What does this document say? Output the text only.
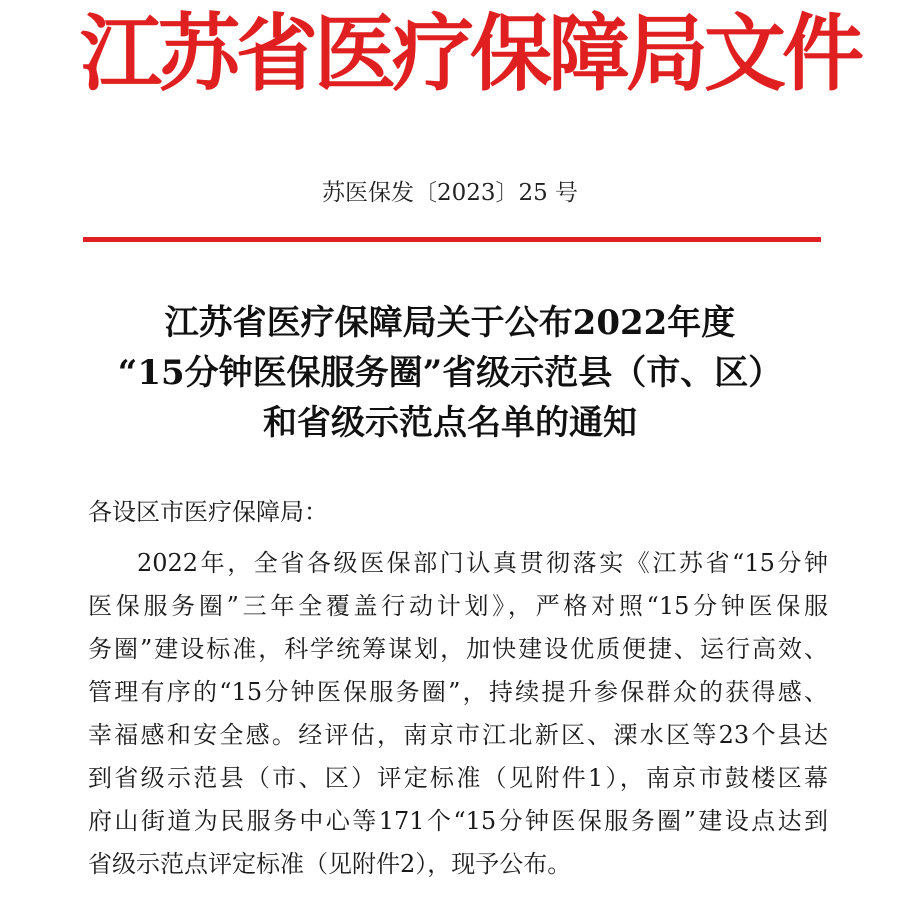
江苏省医疗保障局文件
苏医保发〔2023〕25 号
江苏省医疗保障局关于公布2022年度
“15分钟医保服务圈”省级示范县（市、区）
和省级示范点名单的通知
各设区市医疗保障局：
2022年，全省各级医保部门认真贯彻落实《江苏省“15分钟
医保服务圈”三年全覆盖行动计划》，严格对照“15分钟医保服
务圈”建设标准，科学统筹谋划，加快建设优质便捷、运行高效、
管理有序的“15分钟医保服务圈”，持续提升参保群众的获得感、
幸福感和安全感。经评估，南京市江北新区、溧水区等23个县达
到省级示范县（市、区）评定标准（见附件1），南京市鼓楼区幕
府山街道为民服务中心等171个“15分钟医保服务圈”建设点达到
省级示范点评定标准（见附件2），现予公布。
